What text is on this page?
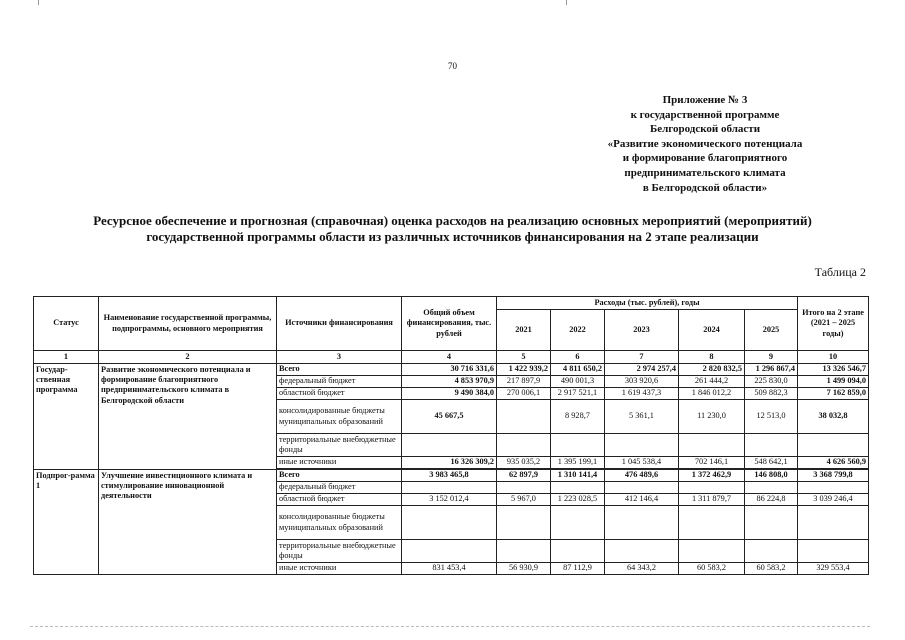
70
Приложение № 3
к государственной программе
Белгородской области
«Развитие экономического потенциала
и формирование благоприятного
предпринимательского климата
в Белгородской области»
Ресурсное обеспечение и прогнозная (справочная) оценка расходов на реализацию основных мероприятий (мероприятий)
государственной программы области из различных источников финансирования на 2 этапе реализации
Таблица 2
Статус	Наименование государственной программы, подпрограммы, основного мероприятия	Источники финансирования	Общий объем финансирования, тыс. рублей	Расходы (тыс. рублей), годы					Итого на 2 этапе (2021 – 2025 годы)
				2021	2022	2023	2024	2025	
1	2	3	4	5	6	7	8	9	10
Государ-ственная программа	Развитие экономического потенциала и формирование благоприятного предпринимательского климата в Белгородской области	Всего	30 716 331,6	1 422 939,2	4 811 650,2	2 974 257,4	2 820 832,5	1 296 867,4	13 326 546,7
		федеральный бюджет	4 853 970,9	217 897,9	490 001,3	303 920,6	261 444,2	225 830,0	1 499 094,0
		областной бюджет	9 490 384,0	270 006,1	2 917 521,1	1 619 437,3	1 846 012,2	509 882,3	7 162 859,0
		консолидированные бюджеты муниципальных образований	45 667,5		8 928,7	5 361,1	11 230,0	12 513,0	38 032,8
		территориальные внебюджетные фонды							
		иные источники	16 326 309,2	935 035,2	1 395 199,1	1 045 538,4	702 146,1	548 642,1	4 626 560,9
Подпрог-рамма 1	Улучшение инвестиционного климата и стимулирование инновационной деятельности	Всего	3 983 465,8	62 897,9	1 310 141,4	476 489,6	1 372 462,9	146 808,0	3 368 799,8
		федеральный бюджет							
		областной бюджет	3 152 012,4	5 967,0	1 223 028,5	412 146,4	1 311 879,7	86 224,8	3 039 246,4
		консолидированные бюджеты муниципальных образований							
		территориальные внебюджетные фонды							
		иные источники	831 453,4	56 930,9	87 112,9	64 343,2	60 583,2	60 583,2	329 553,4
